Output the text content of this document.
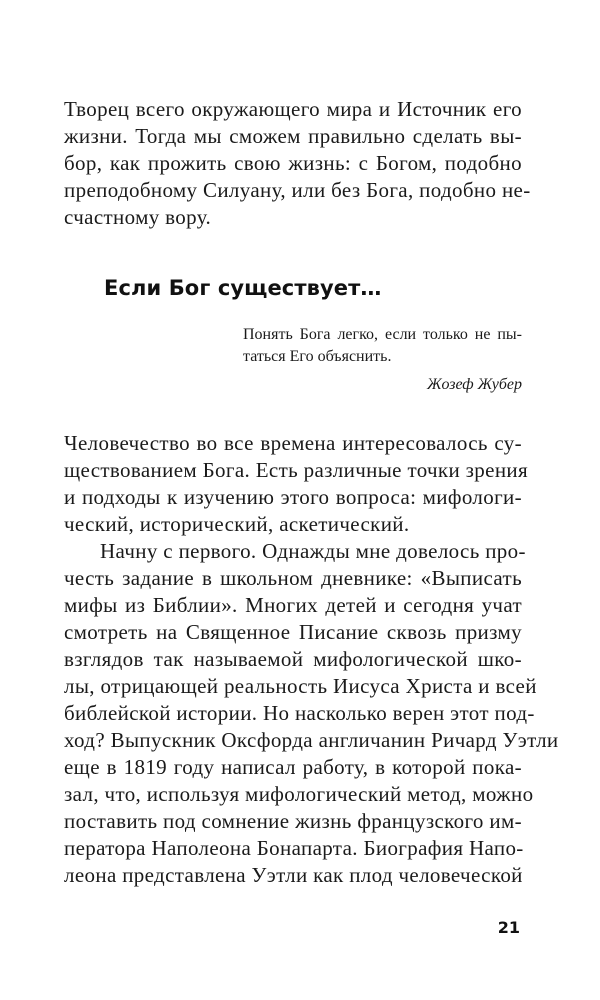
Творец всего окружающего мира и Источник его
жизни. Тогда мы сможем правильно сделать вы-
бор, как прожить свою жизнь: с Богом, подобно
преподобному Силуану, или без Бога, подобно не-
счастному вору.
Если Бог существует…
Понять Бога легко, если только не пы-
таться Его объяснить.
Жозеф Жубер
Человечество во все времена интересовалось су-
ществованием Бога. Есть различные точки зрения
и подходы к изучению этого вопроса: мифологи-
ческий, исторический, аскетический.
Начну с первого. Однажды мне довелось про-
честь задание в школьном дневнике: «Выписать
мифы из Библии». Многих детей и сегодня учат
смотреть на Священное Писание сквозь призму
взглядов так называемой мифологической шко-
лы, отрицающей реальность Иисуса Христа и всей
библейской истории. Но насколько верен этот под-
ход? Выпускник Оксфорда англичанин Ричард Уэтли
еще в 1819 году написал работу, в которой пока-
зал, что, используя мифологический метод, можно
поставить под сомнение жизнь французского им-
ператора Наполеона Бонапарта. Биография Напо-
леона представлена Уэтли как плод человеческой
21
